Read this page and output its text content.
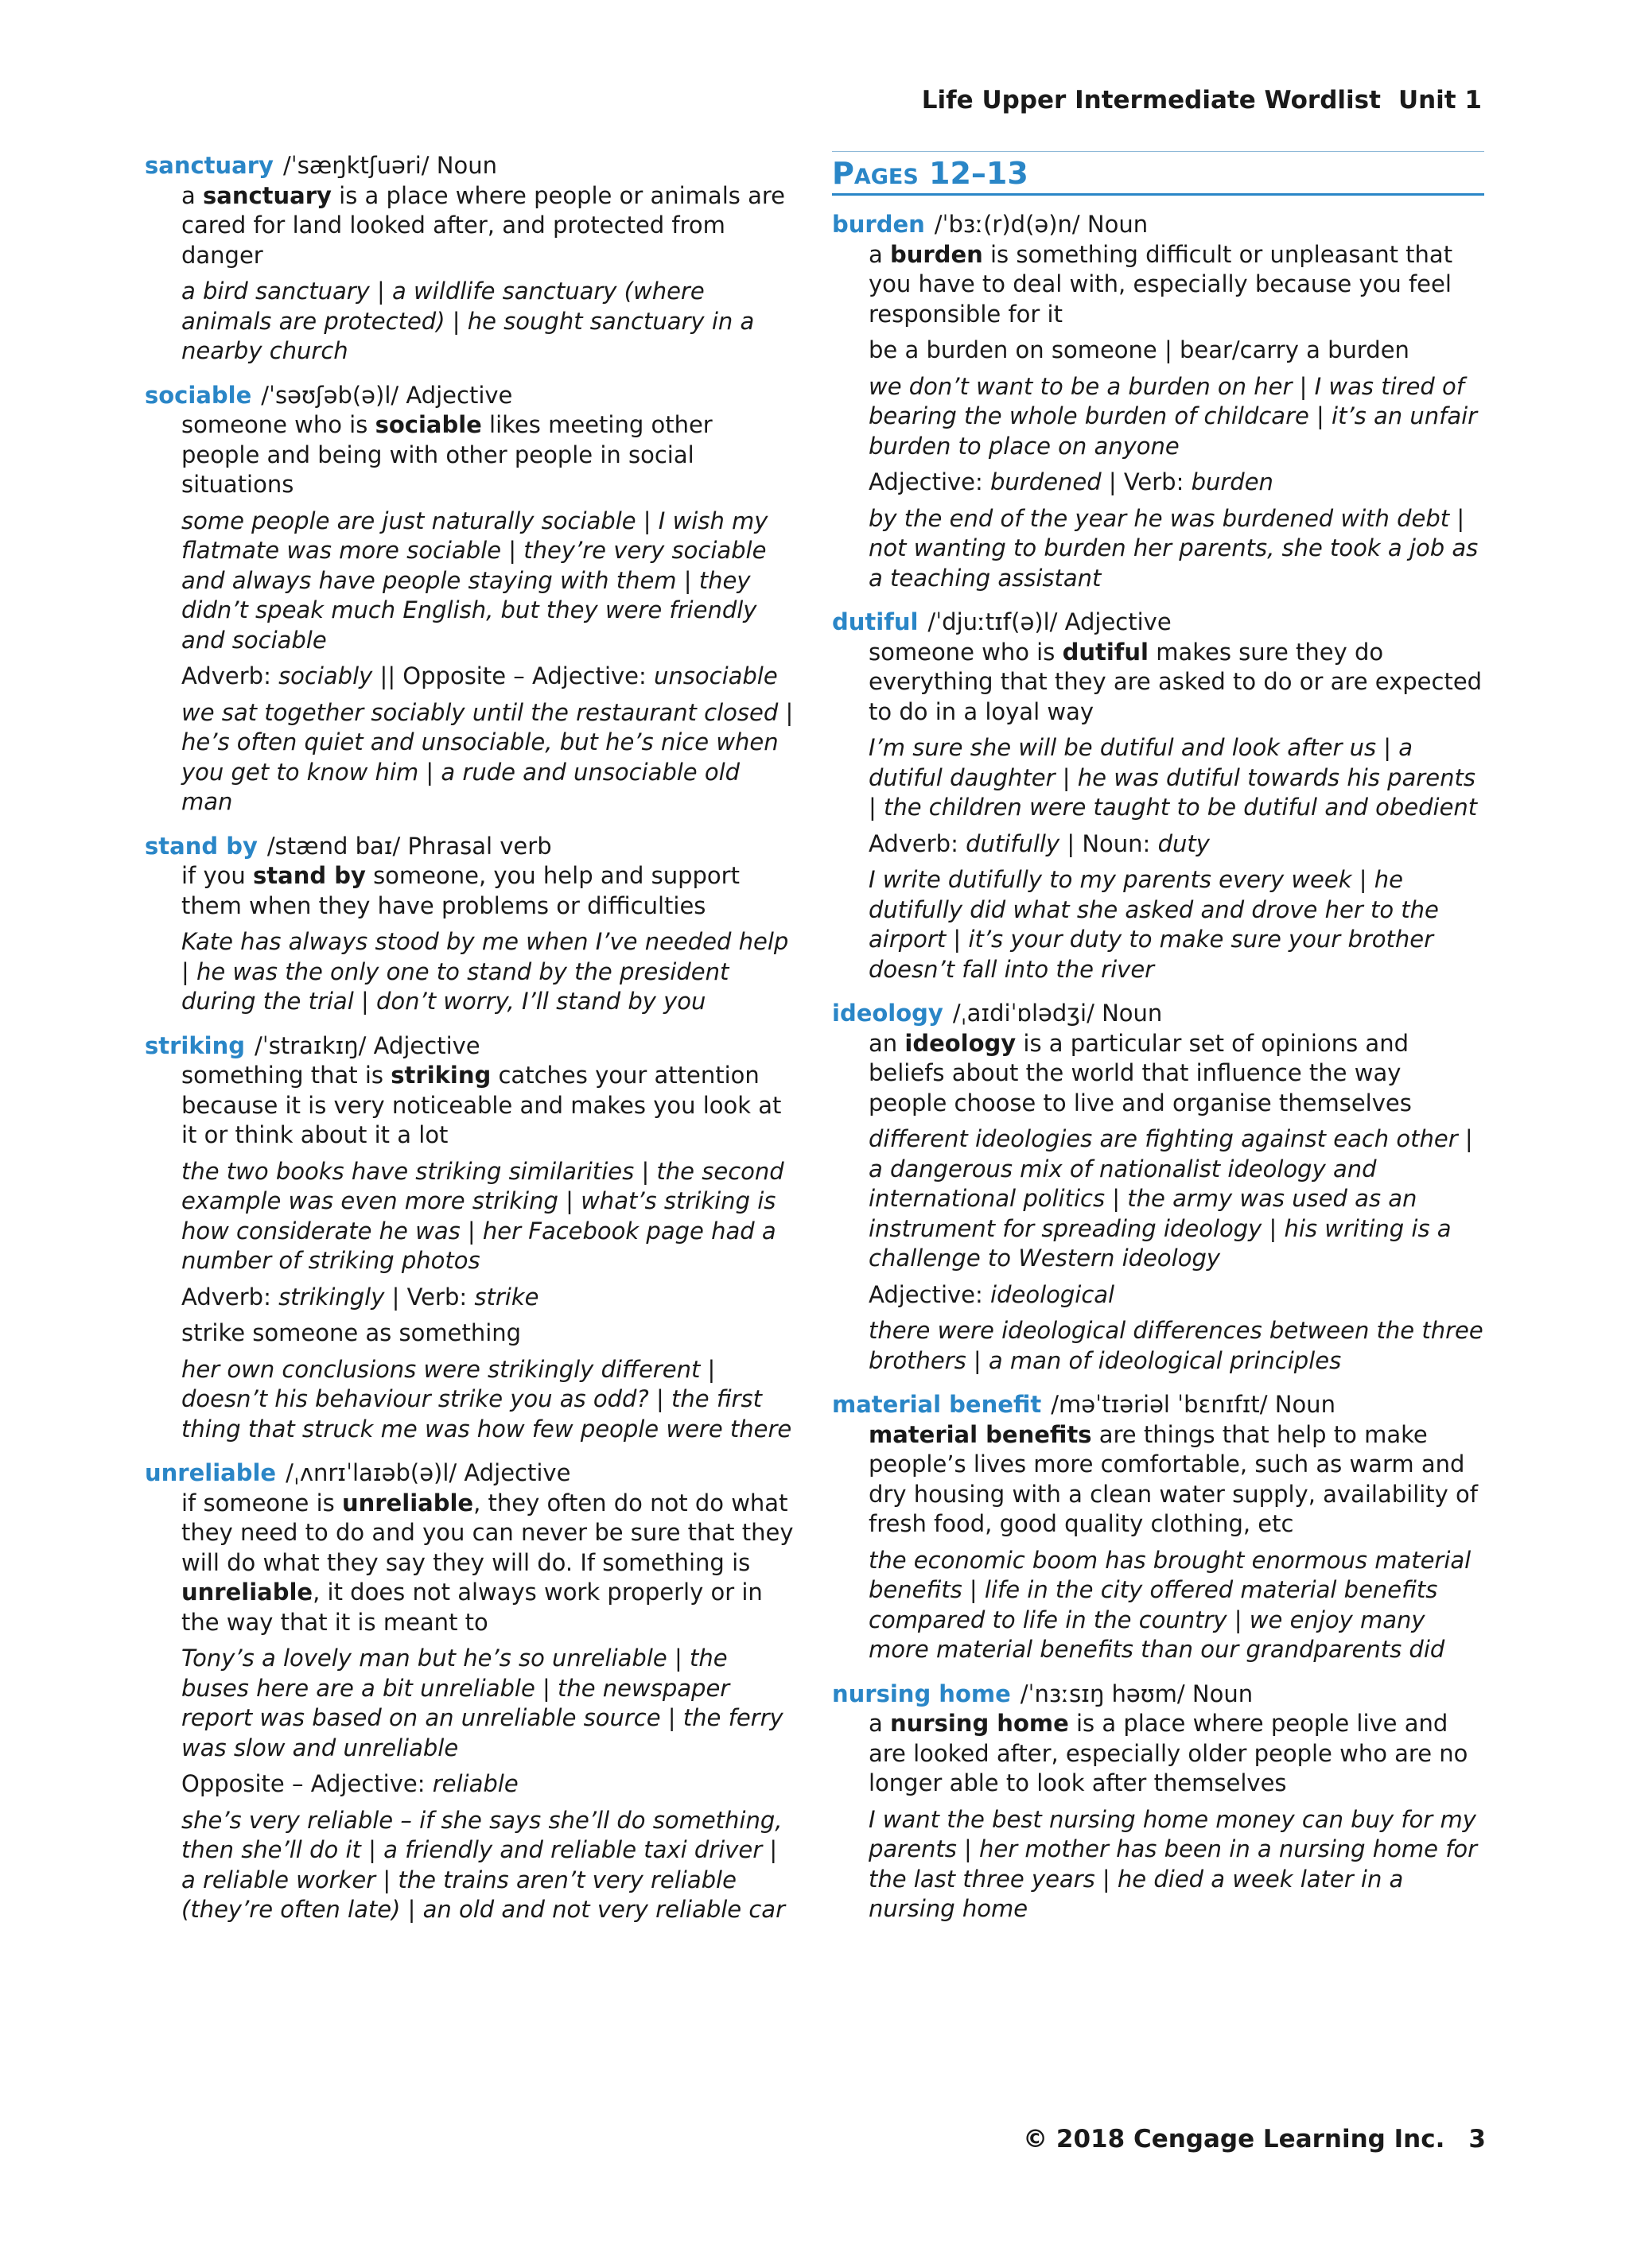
Life Upper Intermediate Wordlist Unit 1
sanctuary /ˈsæŋktʃuəri/ Noun
a sanctuary is a place where people or animals are cared for land looked after, and protected from danger
a bird sanctuary | a wildlife sanctuary (where animals are protected) | he sought sanctuary in a nearby church
sociable /ˈsəʊʃəb(ə)l/ Adjective
someone who is sociable likes meeting other people and being with other people in social situations
some people are just naturally sociable | I wish my flatmate was more sociable | they’re very sociable and always have people staying with them | they didn’t speak much English, but they were friendly and sociable
Adverb: sociably || Opposite – Adjective: unsociable
we sat together sociably until the restaurant closed | he’s often quiet and unsociable, but he’s nice when you get to know him | a rude and unsociable old man
stand by /stænd baɪ/ Phrasal verb
if you stand by someone, you help and support them when they have problems or difficulties
Kate has always stood by me when I’ve needed help | he was the only one to stand by the president during the trial | don’t worry, I’ll stand by you
striking /ˈstraɪkɪŋ/ Adjective
something that is striking catches your attention because it is very noticeable and makes you look at it or think about it a lot
the two books have striking similarities | the second example was even more striking | what’s striking is how considerate he was | her Facebook page had a number of striking photos
Adverb: strikingly | Verb: strike
strike someone as something
her own conclusions were strikingly different | doesn’t his behaviour strike you as odd? | the first thing that struck me was how few people were there
unreliable /ˌʌnrɪˈlaɪəb(ə)l/ Adjective
if someone is unreliable, they often do not do what they need to do and you can never be sure that they will do what they say they will do. If something is unreliable, it does not always work properly or in the way that it is meant to
Tony’s a lovely man but he’s so unreliable | the buses here are a bit unreliable | the newspaper report was based on an unreliable source | the ferry was slow and unreliable
Opposite – Adjective: reliable
she’s very reliable – if she says she’ll do something, then she’ll do it | a friendly and reliable taxi driver | a reliable worker | the trains aren’t very reliable (they’re often late) | an old and not very reliable car
Pages 12–13
burden /ˈbɜː(r)d(ə)n/ Noun
a burden is something difficult or unpleasant that you have to deal with, especially because you feel responsible for it
be a burden on someone | bear/carry a burden
we don’t want to be a burden on her | I was tired of bearing the whole burden of childcare | it’s an unfair burden to place on anyone
Adjective: burdened | Verb: burden
by the end of the year he was burdened with debt | not wanting to burden her parents, she took a job as a teaching assistant
dutiful /ˈdjuːtɪf(ə)l/ Adjective
someone who is dutiful makes sure they do everything that they are asked to do or are expected to do in a loyal way
I’m sure she will be dutiful and look after us | a dutiful daughter | he was dutiful towards his parents | the children were taught to be dutiful and obedient
Adverb: dutifully | Noun: duty
I write dutifully to my parents every week | he dutifully did what she asked and drove her to the airport | it’s your duty to make sure your brother doesn’t fall into the river
ideology /ˌaɪdiˈɒlədʒi/ Noun
an ideology is a particular set of opinions and beliefs about the world that influence the way people choose to live and organise themselves
different ideologies are fighting against each other | a dangerous mix of nationalist ideology and international politics | the army was used as an instrument for spreading ideology | his writing is a challenge to Western ideology
Adjective: ideological
there were ideological differences between the three brothers | a man of ideological principles
material benefit /məˈtɪəriəl ˈbɛnɪfɪt/ Noun
material benefits are things that help to make people’s lives more comfortable, such as warm and dry housing with a clean water supply, availability of fresh food, good quality clothing, etc
the economic boom has brought enormous material benefits | life in the city offered material benefits compared to life in the country | we enjoy many more material benefits than our grandparents did
nursing home /ˈnɜːsɪŋ həʊm/ Noun
a nursing home is a place where people live and are looked after, especially older people who are no longer able to look after themselves
I want the best nursing home money can buy for my parents | her mother has been in a nursing home for the last three years | he died a week later in a nursing home
© 2018 Cengage Learning Inc. 3
